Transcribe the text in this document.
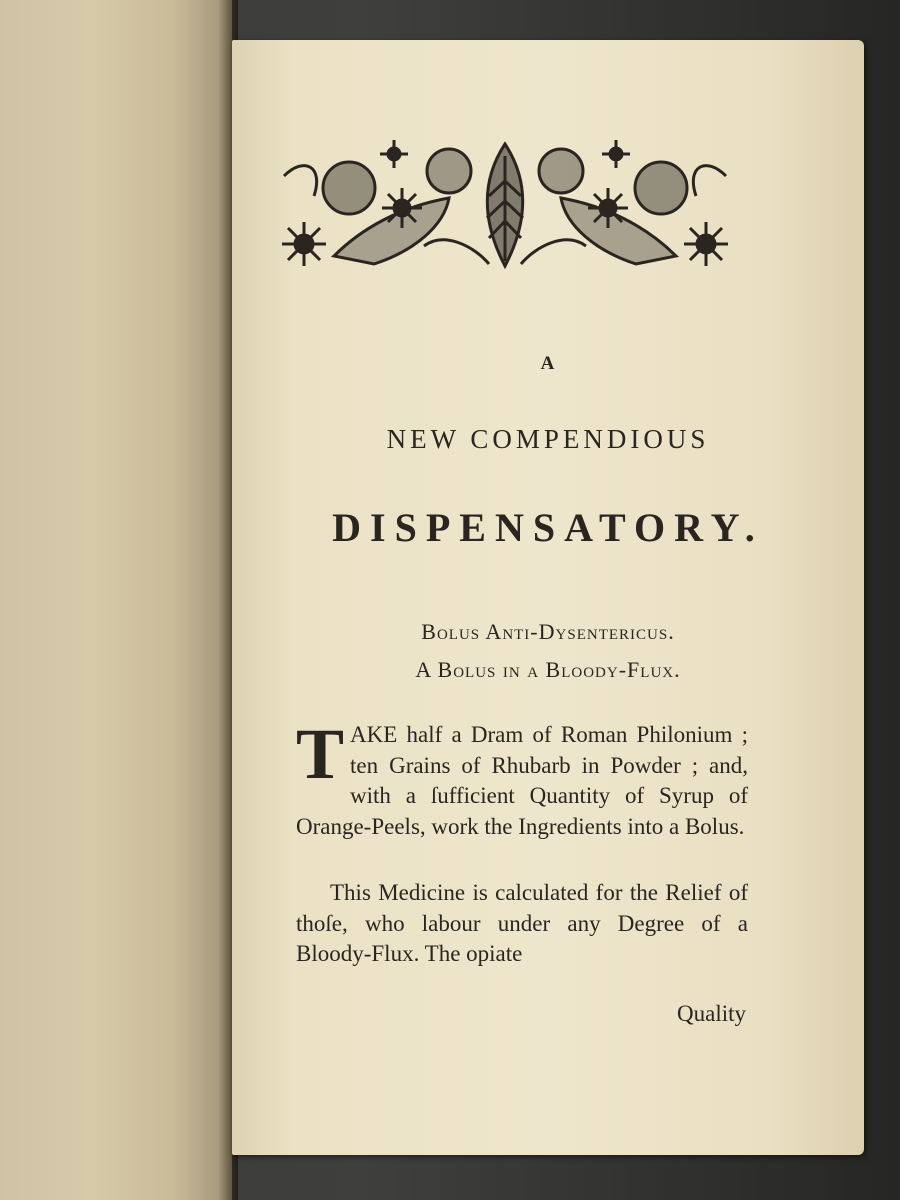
A
NEW COMPENDIOUS
DISPENSATORY.
Bolus Anti-Dysentericus.
A Bolus in a Bloody-Flux.
TAKE half a Dram of Roman Philonium ; ten Grains of Rhubarb in Powder ; and, with a ſufficient Quantity of Syrup of Orange-Peels, work the Ingredients into a Bolus.
This Medicine is calculated for the Relief of thoſe, who labour under any Degree of a Bloody-Flux. The opiate
Quality
